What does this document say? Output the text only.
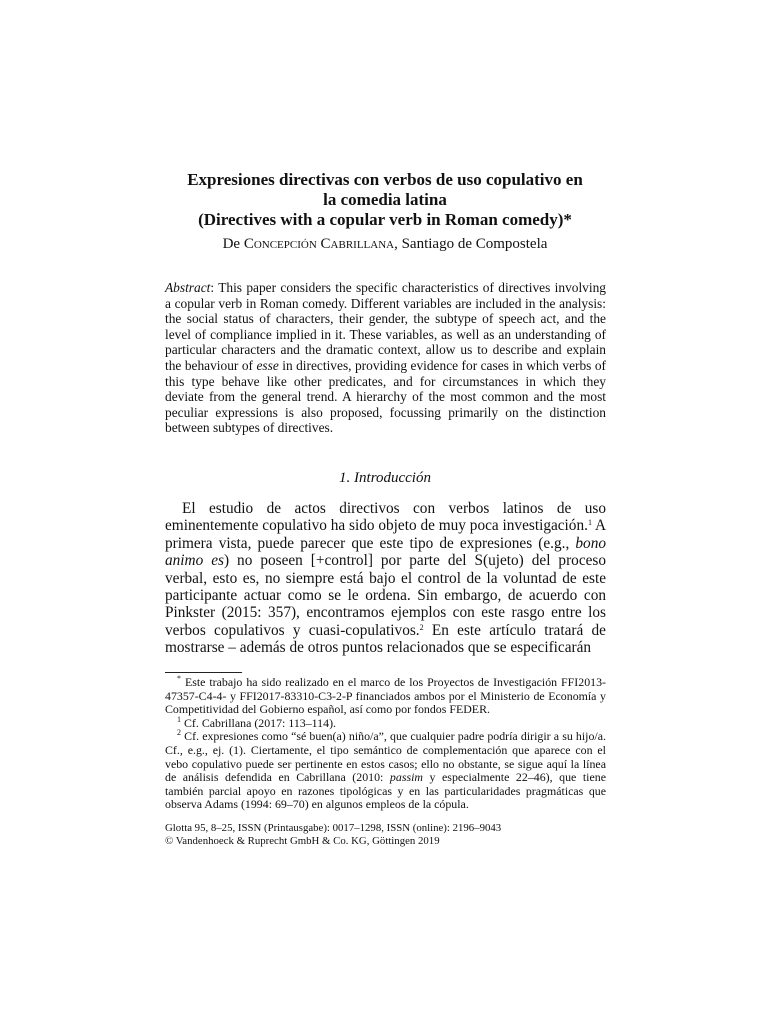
Expresiones directivas con verbos de uso copulativo en
la comedia latina
(Directives with a copular verb in Roman comedy)*
De Concepción Cabrillana, Santiago de Compostela
Abstract: This paper considers the specific characteristics of directives involving a copular verb in Roman comedy. Different variables are included in the analysis: the social status of characters, their gender, the subtype of speech act, and the level of compliance implied in it. These variables, as well as an understanding of particular characters and the dramatic context, allow us to describe and explain the behaviour of esse in directives, providing evidence for cases in which verbs of this type behave like other predicates, and for circumstances in which they deviate from the general trend. A hierarchy of the most common and the most peculiar expressions is also proposed, focussing primarily on the distinction between subtypes of directives.
1. Introducción
El estudio de actos directivos con verbos latinos de uso eminentemente copulativo ha sido objeto de muy poca investigación.$^1$ A primera vista, puede parecer que este tipo de expresiones (e.g., bono animo es) no poseen [+control] por parte del S(ujeto) del proceso verbal, esto es, no siempre está bajo el control de la voluntad de este participante actuar como se le ordena. Sin embargo, de acuerdo con Pinkster (2015: 357), encontramos ejemplos con este rasgo entre los verbos copulativos y cuasi-copulativos.$^2$ En este artículo tratará de mostrarse – además de otros puntos relacionados que se especificarán

* Este trabajo ha sido realizado en el marco de los Proyectos de Investigación FFI2013-47357-C4-4- y FFI2017-83310-C3-2-P financiados ambos por el Ministerio de Economía y Competitividad del Gobierno español, así como por fondos FEDER.

$^1$ Cf. Cabrillana (2017: 113–114).

$^2$ Cf. expresiones como “sé buen(a) niño/a”, que cualquier padre podría dirigir a su hijo/a. Cf., e.g., ej. (1). Ciertamente, el tipo semántico de complementación que aparece con el vebo copulativo puede ser pertinente en estos casos; ello no obstante, se sigue aquí la línea de análisis defendida en Cabrillana (2010: passim y especialmente 22–46), que tiene también parcial apoyo en razones tipológicas y en las particularidades pragmáticas que observa Adams (1994: 69–70) en algunos empleos de la cópula.

Glotta 95, 8–25, ISSN (Printausgabe): 0017–1298, ISSN (online): 2196–9043
© Vandenhoeck & Ruprecht GmbH & Co. KG, Göttingen 2019
